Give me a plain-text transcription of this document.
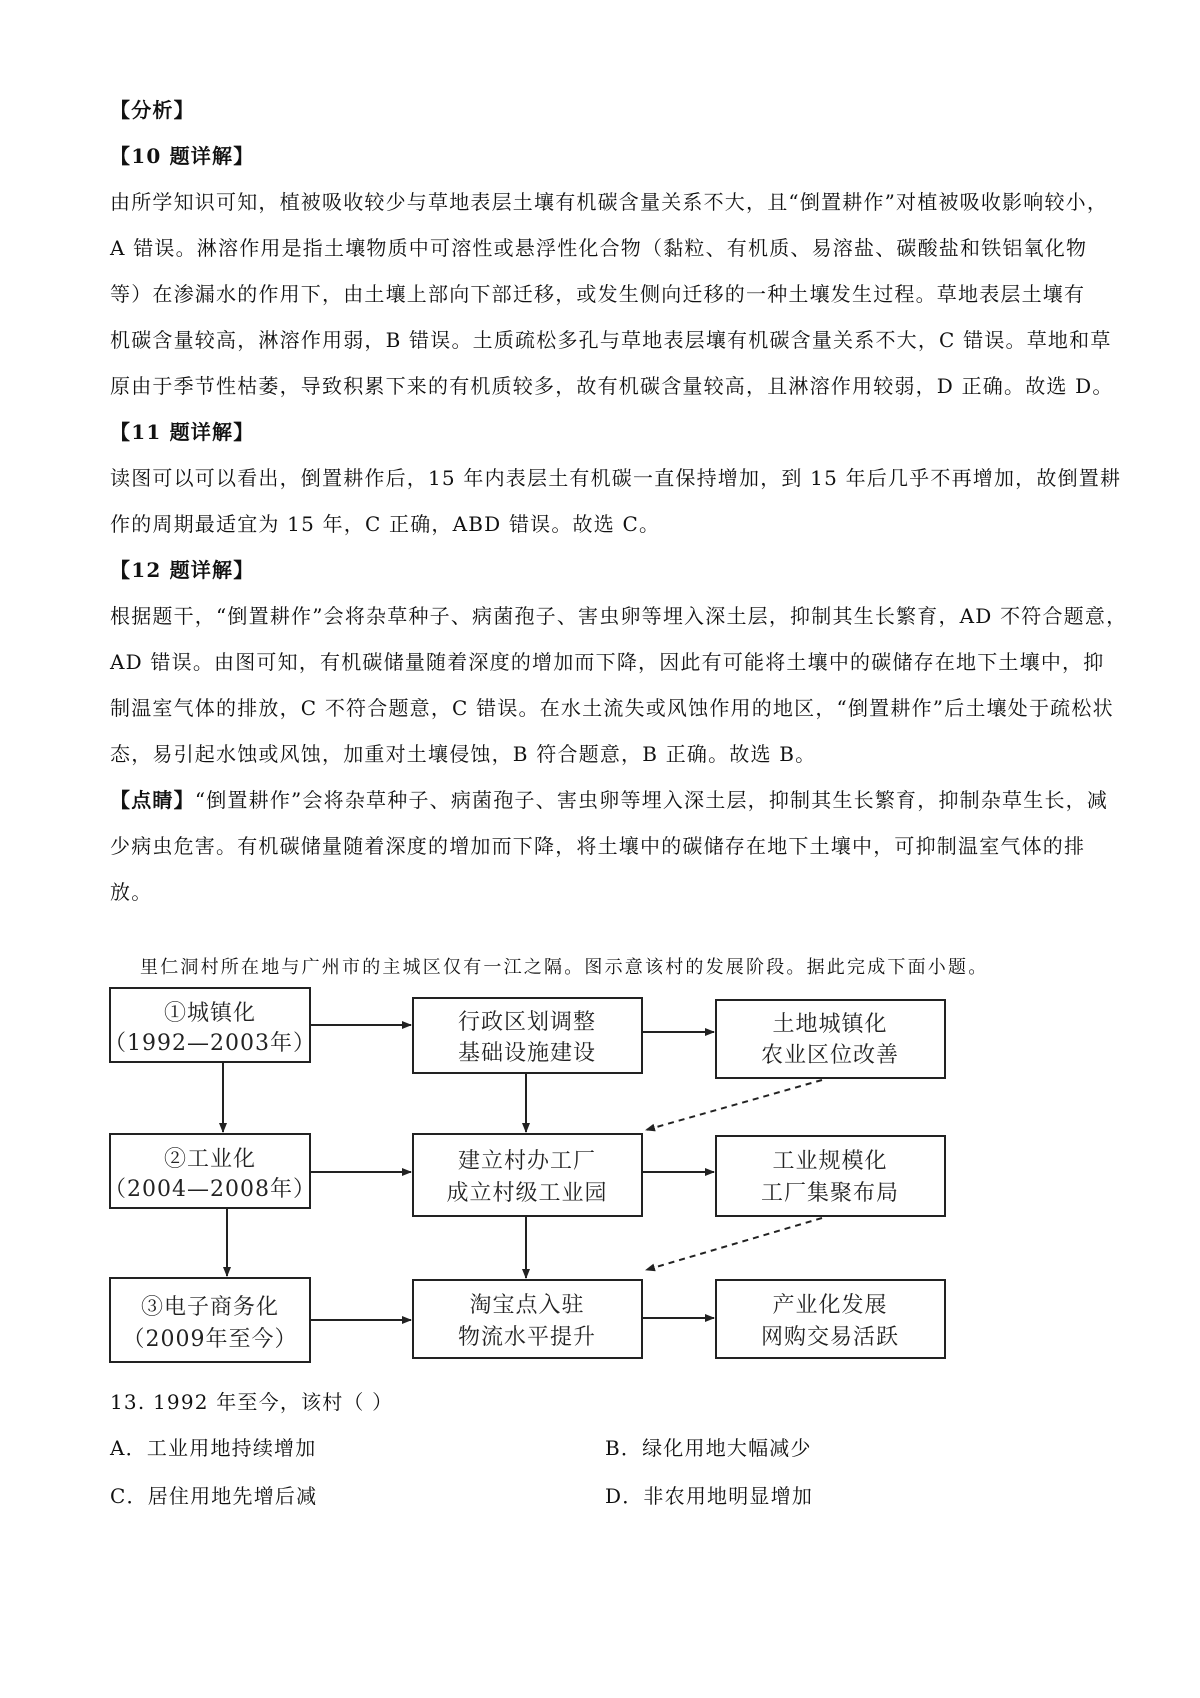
【分析】
【10 题详解】
由所学知识可知，植被吸收较少与草地表层土壤有机碳含量关系不大，且“倒置耕作”对植被吸收影响较小，
A 错误。淋溶作用是指土壤物质中可溶性或悬浮性化合物（黏粒、有机质、易溶盐、碳酸盐和铁铝氧化物
等）在渗漏水的作用下，由土壤上部向下部迁移，或发生侧向迁移的一种土壤发生过程。草地表层土壤有
机碳含量较高，淋溶作用弱，B 错误。土质疏松多孔与草地表层壤有机碳含量关系不大，C 错误。草地和草
原由于季节性枯萎，导致积累下来的有机质较多，故有机碳含量较高，且淋溶作用较弱，D 正确。故选 D。
【11 题详解】
读图可以可以看出，倒置耕作后，15 年内表层土有机碳一直保持增加，到 15 年后几乎不再增加，故倒置耕
作的周期最适宜为 15 年，C 正确，ABD 错误。故选 C。
【12 题详解】
根据题干，“倒置耕作”会将杂草种子、病菌孢子、害虫卵等埋入深土层，抑制其生长繁育，AD 不符合题意，
AD 错误。由图可知，有机碳储量随着深度的增加而下降，因此有可能将土壤中的碳储存在地下土壤中，抑
制温室气体的排放，C 不符合题意，C 错误。在水土流失或风蚀作用的地区，“倒置耕作”后土壤处于疏松状
态，易引起水蚀或风蚀，加重对土壤侵蚀，B 符合题意，B 正确。故选 B。
【点睛】“倒置耕作”会将杂草种子、病菌孢子、害虫卵等埋入深土层，抑制其生长繁育，抑制杂草生长，减
少病虫危害。有机碳储量随着深度的增加而下降，将土壤中的碳储存在地下土壤中，可抑制温室气体的排
放。
里仁洞村所在地与广州市的主城区仅有一江之隔。图示意该村的发展阶段。据此完成下面小题。
①城镇化
（1992—2003年）
②工业化
（2004—2008年）
③电子商务化
（2009年至今）
行政区划调整
基础设施建设
建立村办工厂
成立村级工业园
淘宝点入驻
物流水平提升
土地城镇化
农业区位改善
工业规模化
工厂集聚布局
产业化发展
网购交易活跃
13. 1992 年至今，该村（ ）
A．工业用地持续增加	B．绿化用地大幅减少
C．居住用地先增后减	D．非农用地明显增加
